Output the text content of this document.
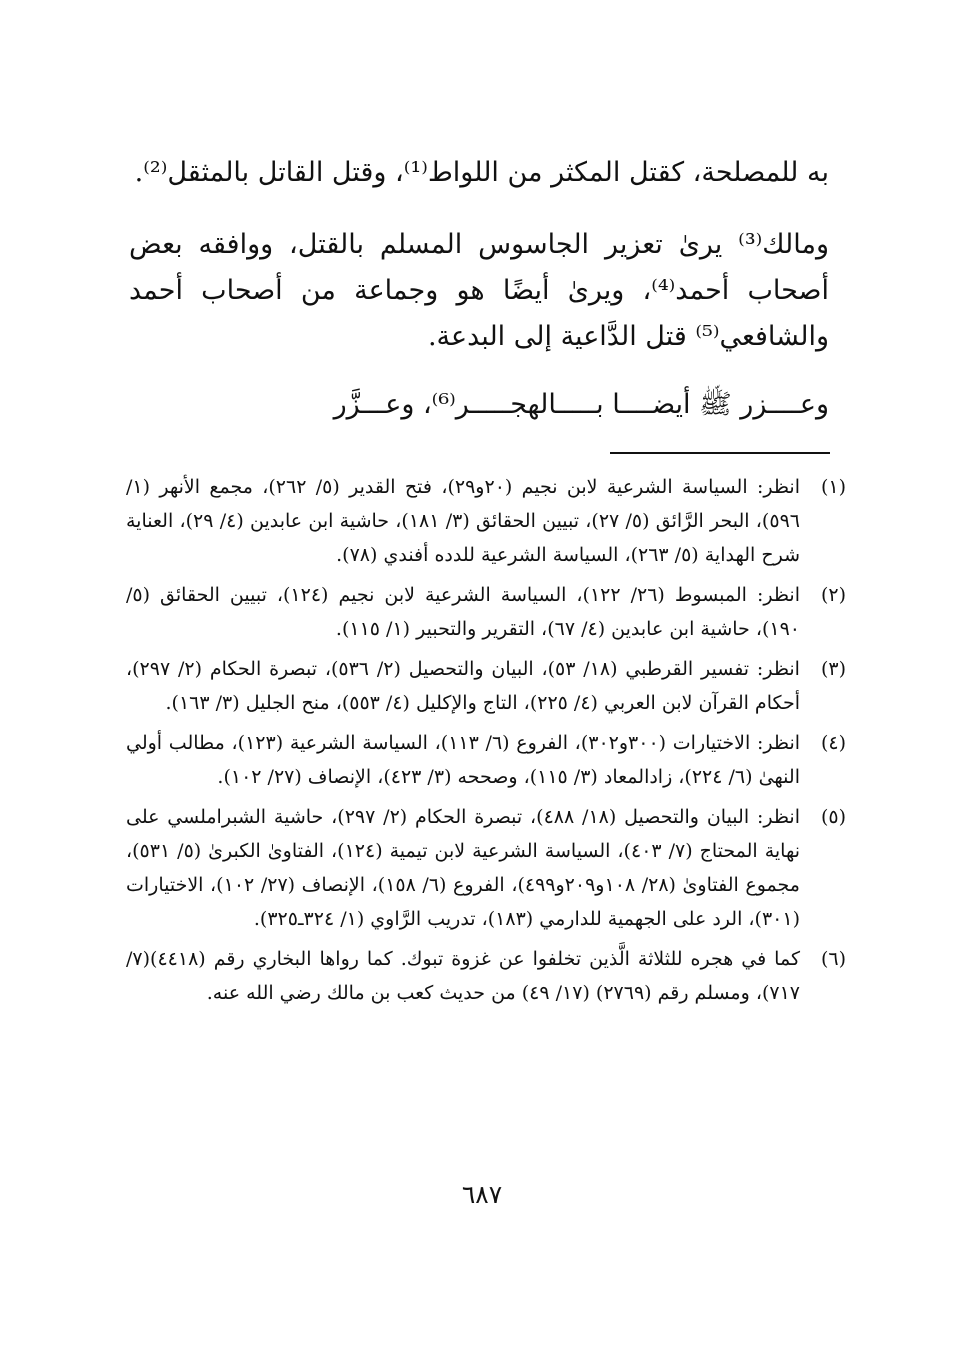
به للمصلحة، كقتل المكثر من اللواط⁽¹⁾، وقتل القاتل بالمثقل⁽²⁾.

ومالك⁽³⁾ يرىٰ تعزير الجاسوس المسلم بالقتل، ووافقه بعض أصحاب أحمد⁽⁴⁾، ويرىٰ أيضًا هو وجماعة من أصحاب أحمد والشافعي⁽⁵⁾ قتل الدَّاعية إلى البدعة.

وعــــزر ﷺ أيضــــا بـــــالهجـــــر⁽⁶⁾، وعـــزَّر

(١)
انظر: السياسة الشرعية لابن نجيم (٢٠و٢٩)، فتح القدير (٥/ ٢٦٢)، مجمع الأنهر (١/ ٥٩٦)، البحر الرَّائق (٥/ ٢٧)، تبيين الحقائق (٣/ ١٨١)، حاشية ابن عابدين (٤/ ٢٩)، العناية شرح الهداية (٥/ ٢٦٣)، السياسة الشرعية للدده أفندي (٧٨).
(٢)
انظر: المبسوط (٢٦/ ١٢٢)، السياسة الشرعية لابن نجيم (١٢٤)، تبيين الحقائق (٥/ ١٩٠)، حاشية ابن عابدين (٤/ ٦٧)، التقرير والتحبير (١/ ١١٥).
(٣)
انظر: تفسير القرطبي (١٨/ ٥٣)، البيان والتحصيل (٢/ ٥٣٦)، تبصرة الحكام (٢/ ٢٩٧)، أحكام القرآن لابن العربي (٤/ ٢٢٥)، التاج والإكليل (٤/ ٥٥٣)، منح الجليل (٣/ ١٦٣).
(٤)
انظر: الاختيارات (٣٠٠و٣٠٢)، الفروع (٦/ ١١٣)، السياسة الشرعية (١٢٣)، مطالب أولي النهىٰ (٦/ ٢٢٤)، زادالمعاد (٣/ ١١٥)، وصححه (٣/ ٤٢٣)، الإنصاف (٢٧/ ١٠٢).
(٥)
انظر: البيان والتحصيل (١٨/ ٤٨٨)، تبصرة الحكام (٢/ ٢٩٧)، حاشية الشبراملسي على نهاية المحتاج (٧/ ٤٠٣)، السياسة الشرعية لابن تيمية (١٢٤)، الفتاوىٰ الكبرىٰ (٥/ ٥٣١)، مجموع الفتاوىٰ (٢٨/ ١٠٨و٢٠٩و٤٩٩)، الفروع (٦/ ١٥٨)، الإنصاف (٢٧/ ١٠٢)، الاختيارات (٣٠١)، الرد على الجهمية للدارمي (١٨٣)، تدريب الرَّاوي (١/ ٣٢٤ـ٣٢٥).
(٦)
كما في هجره للثلاثة الَّذين تخلفوا عن غزوة تبوك. كما رواها البخاري رقم (٤٤١٨)(٧/ ٧١٧)، ومسلم رقم (٢٧٦٩) (١٧/ ٤٩) من حديث كعب بن مالك رضي الله عنه.
٦٨٧
